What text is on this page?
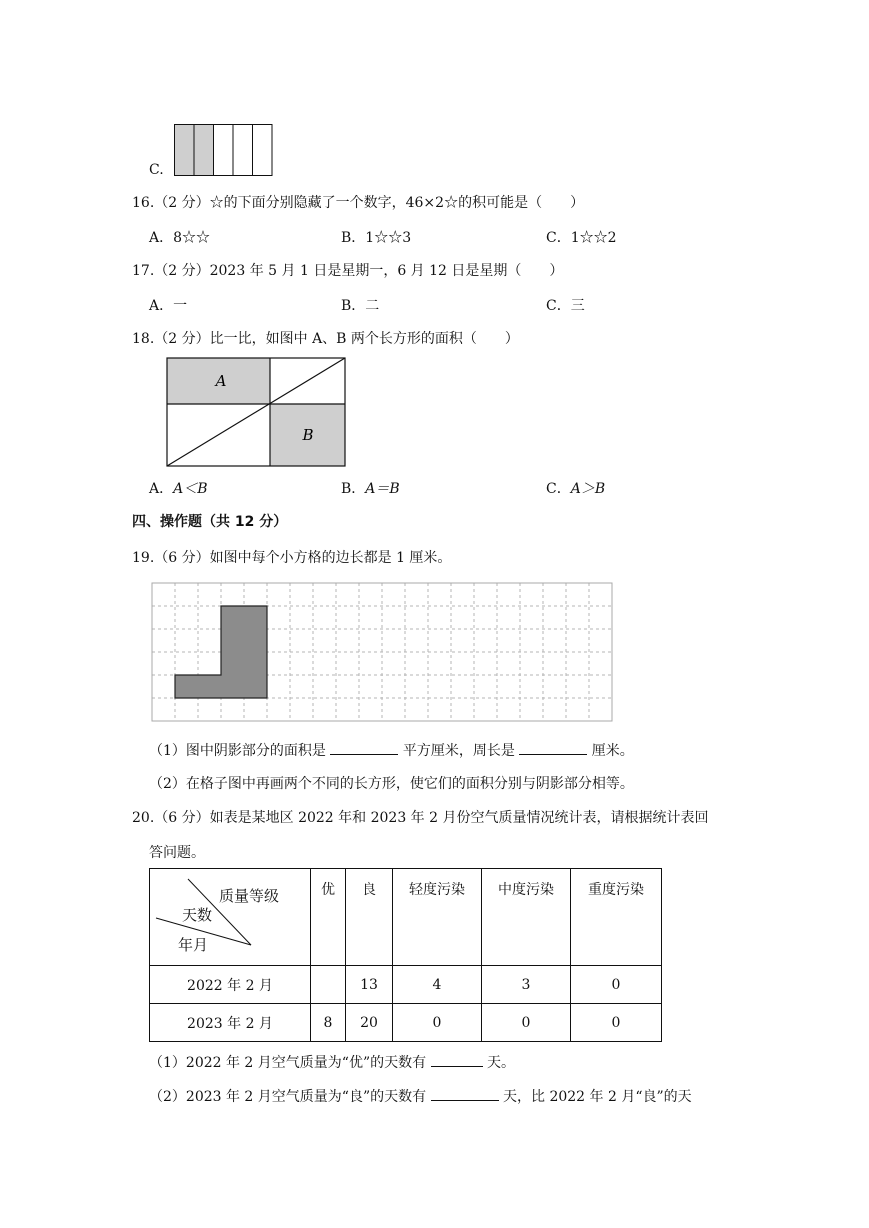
C.
16.（2 分）☆的下面分别隐藏了一个数字，46×2☆的积可能是（　　）
A．8☆☆	B．1☆☆3	C．1☆☆2
17.（2 分）2023 年 5 月 1 日是星期一，6 月 12 日是星期（　　）
A．一	B．二	C．三
18.（2 分）比一比，如图中 A、B 两个长方形的面积（　　）
A
B
A．A＜B	B．A＝B	C．A＞B
四、操作题（共 12 分）
19.（6 分）如图中每个小方格的边长都是 1 厘米。
（1）图中阴影部分的面积是	平方厘米，周长是	厘米。
（2）在格子图中再画两个不同的长方形，使它们的面积分别与阴影部分相等。
20.（6 分）如表是某地区 2022 年和 2023 年 2 月份空气质量情况统计表，请根据统计表回
答问题。
质量等级
天数
年月	优	良	轻度污染	中度污染	重度污染
2022 年 2 月		13	4	3	0
2023 年 2 月	8	20	0	0	0
（1）2022 年 2 月空气质量为“优”的天数有	天。
（2）2023 年 2 月空气质量为“良”的天数有	天，比 2022 年 2 月“良”的天
